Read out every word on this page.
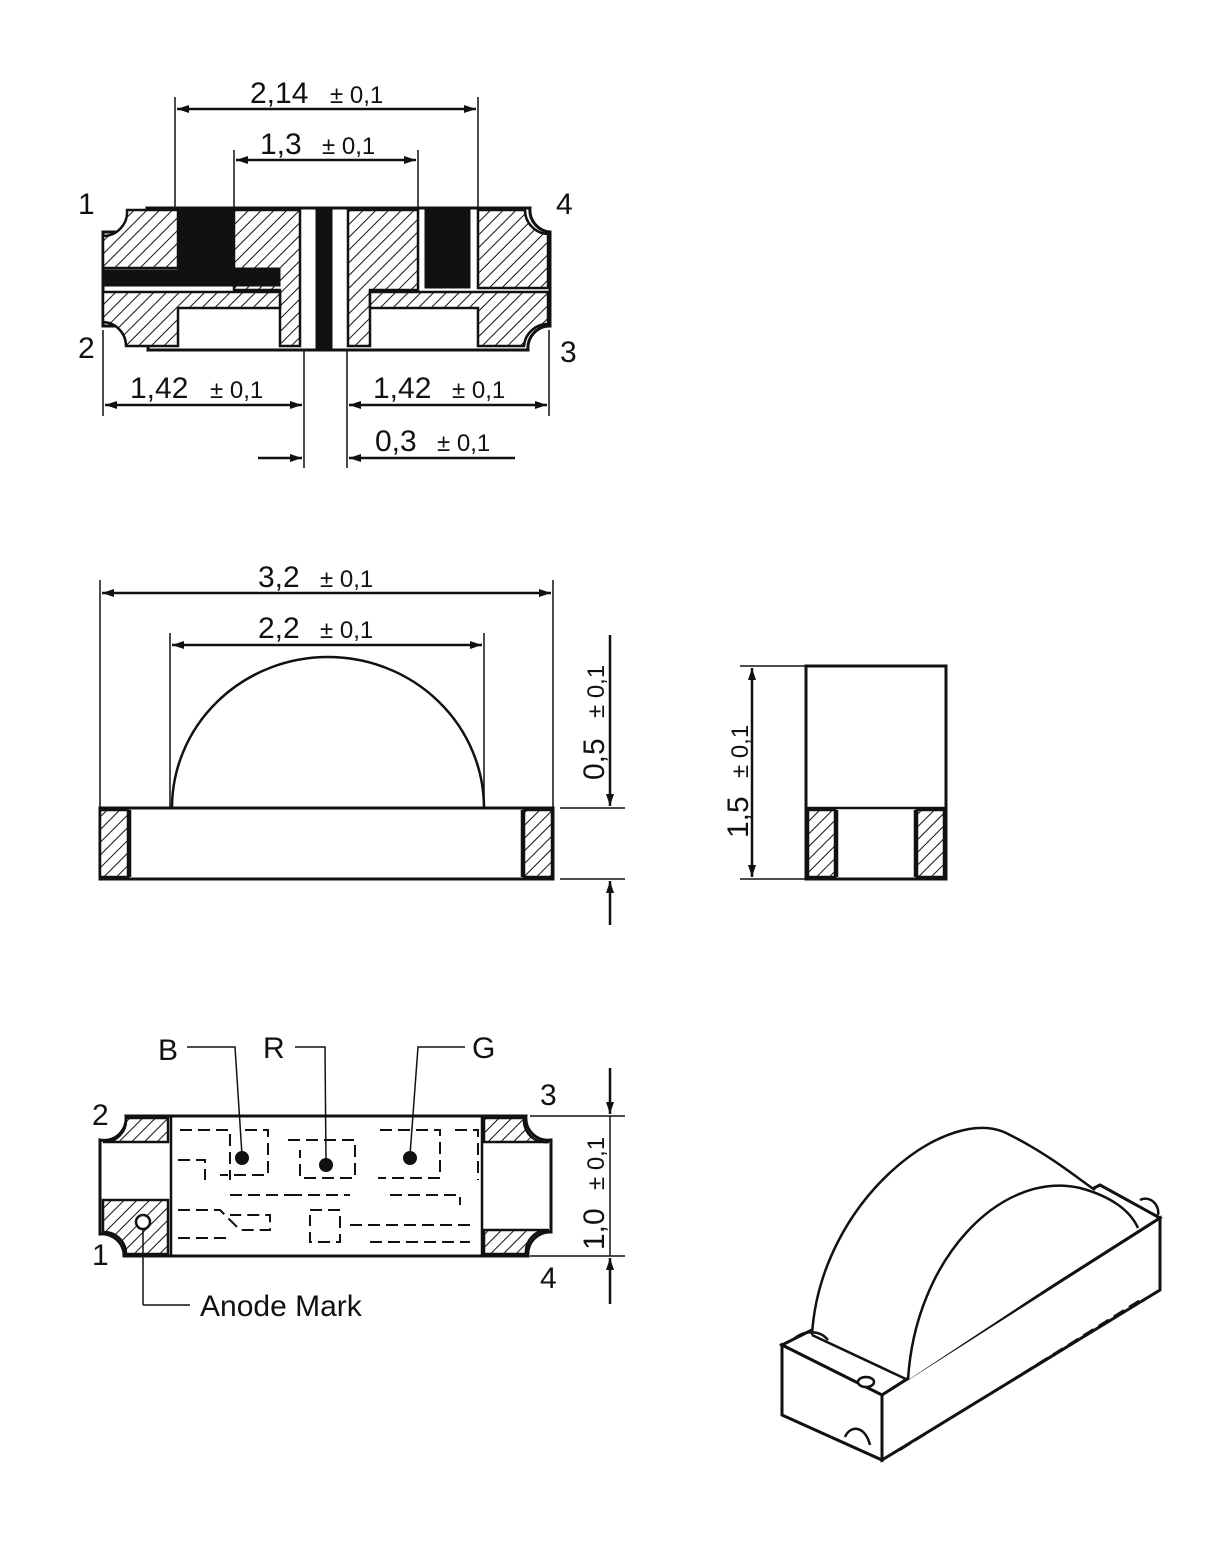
2,14 ± 0,1
1,3 ± 0,1
1,42 ± 0,1	1,42 ± 0,1
0,3 ± 0,1
1
2	3
4
3,2 ± 0,1
2,2 ± 0,1
0,5
± 0,1
1,5
± 0,1
B	R	G
Anode Mark
1
2
3
4
1,0
± 0,1
